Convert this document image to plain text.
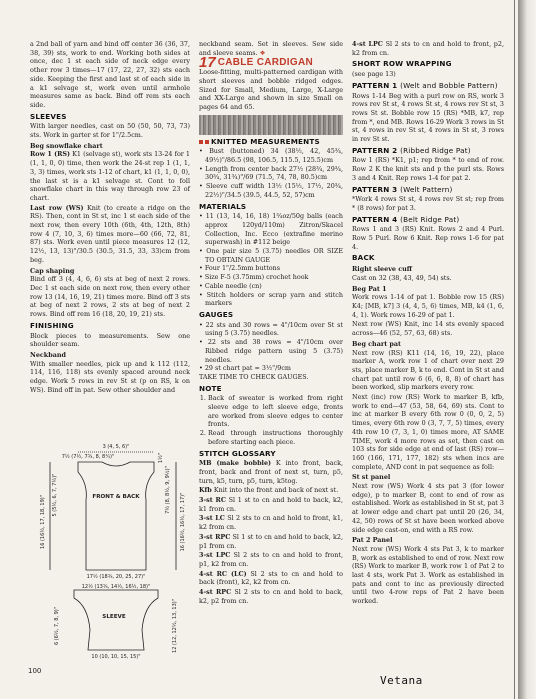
a 2nd ball of yarn and bind off center 36 (36, 37, 38, 39) sts, work to end. Working both sides at once, dec 1 st each side of neck edge every other row 3 times—17 (17, 22, 27, 32) sts each side. Keeping the first and last st of each side in a k1 selvage st, work even until armhole measures same as back. Bind off rem sts each side.

SLEEVES

With larger needles, cast on 50 (50, 50, 73, 73) sts. Work in garter st for 1"/2.5cm.

Beg snowflake chart

Row 1 (RS) K1 (selvage st), work sts 13-24 for 1 (1, 1, 0, 0) time, then work the 24-st rep 1 (1, 1, 3, 3) times, work sts 1-12 of chart, k1 (1, 1, 0, 0), the last st is a k1 selvage st. Cont to foll snowflake chart in this way through row 23 of chart.

Last row (WS) Knit (to create a ridge on the RS). Then, cont in St st, inc 1 st each side of the next row, then every 10th (6th, 4th, 12th, 8th) row 4 (7, 10, 3, 6) times more—60 (66, 72, 81, 87) sts. Work even until piece measures 12 (12, 12½, 13, 13)"/30.5 (30.5, 31.5, 33, 33)cm from beg.

Cap shaping

Bind off 3 (4, 4, 6, 6) sts at beg of next 2 rows. Dec 1 st each side on next row, then every other row 13 (14, 16, 19, 21) times more. Bind off 3 sts at beg of next 2 rows, 2 sts at beg of next 2 rows. Bind off rem 16 (18, 20, 19, 21) sts.

FINISHING

Block pieces to measurements. Sew one shoulder seam.

Neckband

With smaller needles, pick up and k 112 (112, 114, 116, 118) sts evenly spaced around neck edge. Work 5 rows in rev St st (p on RS, k on WS). Bind off in pat. Sew other shoulder and

3 (4, 5, 6)"
7½ (7½, 7¾, 8, 8¼)"
FRONT & BACK
17½ (18¾, 20, 25, 27)"
12½ (13¾, 14½, 16½, 18)"
SLEEVE
10 (10, 10, 15, 15)"
5 (5½, 6, 7, 7½)"
16 (16½, 17, 18, 19)"
7½ (8, 8½, 9, 9½)"
16 (16½, 16½, 17, 17)"
1½"
12 (12, 12½, 13, 13)"
6 (6½, 7, 8, 9)"

neckband seam. Set in sleeves. Sew side and sleeve seams. ❖

17 CABLE CARDIGAN

Loose-fitting, multi-patterned cardigan with short sleeves and bobble ridged edges. Sized for Small, Medium, Large, X-Large and XX-Large and shown in size Small on pages 64 and 65.

KNITTED MEASUREMENTS
• Bust (buttoned) 34 (38½, 42, 45¾, 49½)"/86.5 (98, 106.5, 115.5, 125.5)cm
• Length from center back 27½ (28¾, 29¾, 30¾, 31¾)"/69 (71.5, 74, 78, 80.5)cm
• Sleeve cuff width 13½ (15½, 17½, 20¾, 22½)"/34.5 (39.5, 44.5, 52, 57)cm
MATERIALS
• 11 (13, 14, 16, 18) 1¾oz/50g balls (each approx 120yd/110m) Zitron/Skacel Collection, Inc. Ecco (extrafine merino superwash) in #112 beige
• One pair size 5 (3.75) needles OR SIZE TO OBTAIN GAUGE
• Four 1"/2.5mm buttons
• Size F-5 (3.75mm) crochet hook
• Cable needle (cn)
• Stitch holders or scrap yarn and stitch markers
GAUGES
• 22 sts and 30 rows = 4"/10cm over St st using 5 (3.75) needles.
• 22 sts and 38 rows = 4"/10cm over Ribbed ridge pattern using 5 (3.75) needles.
• 29 st chart pat = 3½"/9cm

TAKE TIME TO CHECK GAUGES.

NOTE
1. Back of sweater is worked from right sleeve edge to left sleeve edge, fronts are worked from sleeve edges to center fronts.
2. Read through instructions thoroughly before starting each piece.
STITCH GLOSSARY

MB (make bobble) K into front, back, front, back and front of next st, turn, p5, turn, k5, turn, p5, turn, k5tog.

Kfb Knit into the front and back of next st.

3-st RC Sl 1 st to cn and hold to back, k2, k1 from cn.

3-st LC Sl 2 sts to cn and hold to front, k1, k2 from cn.

3-st RPC Sl 1 st to cn and hold to back, k2, p1 from cn.

3-st LPC Sl 2 sts to cn and hold to front, p1, k2 from cn.

4-st RC (LC) Sl 2 sts to cn and hold to back (front), k2, k2 from cn.

4-st RPC Sl 2 sts to cn and hold to back, k2, p2 from cn.

4-st LPC Sl 2 sts to cn and hold to front, p2, k2 from cn.

SHORT ROW WRAPPING

(see page 13)

PATTERN 1 (Welt and Bobble Pattern)

Rows 1-14 Beg with a purl row on RS, work 3 rows rev St st, 4 rows St st, 4 rows rev St st, 3 rows St st. Bobble row 15 (RS) *MB, k7, rep from *, end MB. Rows 16-29 Work 3 rows in St st, 4 rows in rev St st, 4 rows in St st, 3 rows in rev St st.

PATTERN 2 (Ribbed Ridge Pat)

Row 1 (RS) *K1, p1; rep from * to end of row. Row 2 K the knit sts and p the purl sts. Rows 3 and 4 Knit. Rep rows 1-4 for pat 2.

PATTERN 3 (Welt Pattern)

*Work 4 rows St st, 4 rows rev St st; rep from * (8 rows) for pat 3.

PATTERN 4 (Belt Ridge Pat)

Rows 1 and 3 (RS) Knit. Rows 2 and 4 Purl. Row 5 Purl. Row 6 Knit. Rep rows 1-6 for pat 4.

BACK
Right sleeve cuff

Cast on 32 (38, 43, 49, 54) sts.

Beg Pat 1

Work rows 1-14 of pat 1. Bobble row 15 (RS) K4; [MB, k7] 3 (4, 4, 5, 6) times, MB, k4 (1, 6, 4, 1). Work rows 16-29 of pat 1.

Next row (WS) Knit, inc 14 sts evenly spaced across—46 (52, 57, 63, 68) sts.

Beg chart pat

Next row (RS) K11 (14, 16, 19, 22), place marker A, work row 1 of chart over next 29 sts, place marker B, k to end. Cont in St st and chart pat until row 6 (6, 6, 8, 8) of chart has been worked, slip markers every row.

Next (inc) row (RS) Work to marker B, kfb, work to end—47 (53, 58, 64, 69) sts. Cont to inc at marker B every 6th row 0 (0, 0, 2, 5) times, every 6th row 0 (3, 7, 7, 5) times, every 4th row 10 (7, 3, 1, 0) times more, AT SAME TIME, work 4 more rows as set, then cast on 103 sts for side edge at end of last (RS) row—160 (166, 171, 177, 182) sts when incs are complete, AND cont in pat sequence as foll:

St st panel

Next row (WS) Work 4 sts pat 3 (for lower edge), p to marker B, cont to end of row as established. Work as established in St st, pat 3 at lower edge and chart pat until 20 (26, 34, 42, 50) rows of St st have been worked above side edge cast-on, end with a RS row.

Pat 2 Panel

Next row (WS) Work 4 sts Pat 3, k to marker B, work as established to end of row. Next row (RS) Work to marker B, work row 1 of Pat 2 to last 4 sts, work Pat 3. Work as established in pats and cont to inc as previously directed until two 4-row reps of Pat 2 have been worked.

100
Vetana
